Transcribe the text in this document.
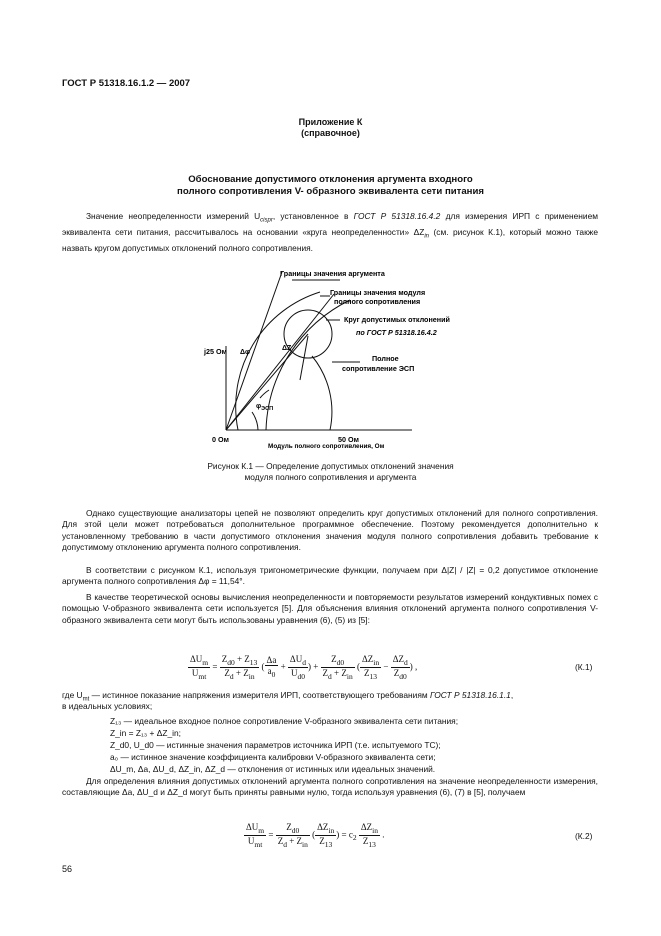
ГОСТ Р 51318.16.1.2 — 2007
Приложение К
(справочное)
Обоснование допустимого отклонения аргумента входного
полного сопротивления V- образного эквивалента сети питания
Значение неопределенности измерений $U_{cispr}$, установленное в ГОСТ Р 51318.16.4.2 для измерения ИРП с применением эквивалента сети питания, рассчитывалось на основании «круга неопределенности» $\Delta Z_{in}$ (см. рисунок К.1), который можно также назвать кругом допустимых отклонений полного сопротивления.
Границы значения аргумента
Границы значения модуля
полного сопротивления
Круг допустимых отклонений
по ГОСТ Р 51318.16.4.2
Полное
сопротивление ЭСП
j25 Ом Δφ
ΔZ
$\varphi_{ЭСП}$
0 Ом	50 Ом
Модуль полного сопротивления, Ом
Рисунок К.1 — Определение допустимых отклонений значения
модуля полного сопротивления и аргумента
Однако существующие анализаторы цепей не позволяют определить круг допустимых отклонений для полного сопротивления. Для этой цели может потребоваться дополнительное программное обеспечение. Поэтому рекомендуется дополнительно к установленному требованию в части допустимого отклонения значения модуля полного сопротивления добавить требование к допустимому отклонению аргумента полного сопротивления.
В соответствии с рисунком К.1, используя тригонометрические функции, получаем при Δ|Z| / |Z| = 0,2 допустимое отклонение аргумента полного сопротивления Δφ = 11,54°.
В качестве теоретической основы вычисления неопределенности и повторяемости результатов измерений кондуктивных помех с помощью V-образного эквивалента сети используется [5]. Для объяснения влияния отклонений аргумента полного сопротивления V-образного эквивалента сети могут быть использованы уравнения (6), (5) из [5]:
$\frac{\Delta U_m}{U_{mt}} = \frac{Z_{d0} + Z_{13}}{Z_d + Z_{in}}$ ( $\frac{\Delta a}{a_0} + \frac{\Delta U_d}{U_{d0}}$ ) + $\frac{Z_{d0}}{Z_d + Z_{in}}$ ( $\frac{\Delta Z_{in}}{Z_{13}} - \frac{\Delta Z_d}{Z_{d0}}$ ) ,	(К.1)
где $U_{mt}$ — истинное показание напряжения измерителя ИРП, соответствующего требованиям ГОСТ Р 51318.16.1.1,
в идеальных условиях;
Z₁₃ — идеальное входное полное сопротивление V-образного эквивалента сети питания;
Z_in = Z₁₃ + ΔZ_in;
Z_d0, U_d0 — истинные значения параметров источника ИРП (т.е. испытуемого ТС);
a₀ — истинное значение коэффициента калибровки V-образного эквивалента сети;
ΔU_m, Δa, ΔU_d, ΔZ_in, ΔZ_d — отклонения от истинных или идеальных значений.
Для определения влияния допустимых отклонений аргумента полного сопротивления на значение неопределенности измерения, составляющие Δa, ΔU_d и ΔZ_d могут быть приняты равными нулю, тогда используя уравнения (6), (7) в [5], получаем
$\frac{\Delta U_m}{U_{mt}} = \frac{Z_{d0}}{Z_d + Z_{in}}$ ( $\frac{\Delta Z_{in}}{Z_{13}}$ ) = $c_2 \frac{\Delta Z_{in}}{Z_{13}}$ .	(К.2)
56
